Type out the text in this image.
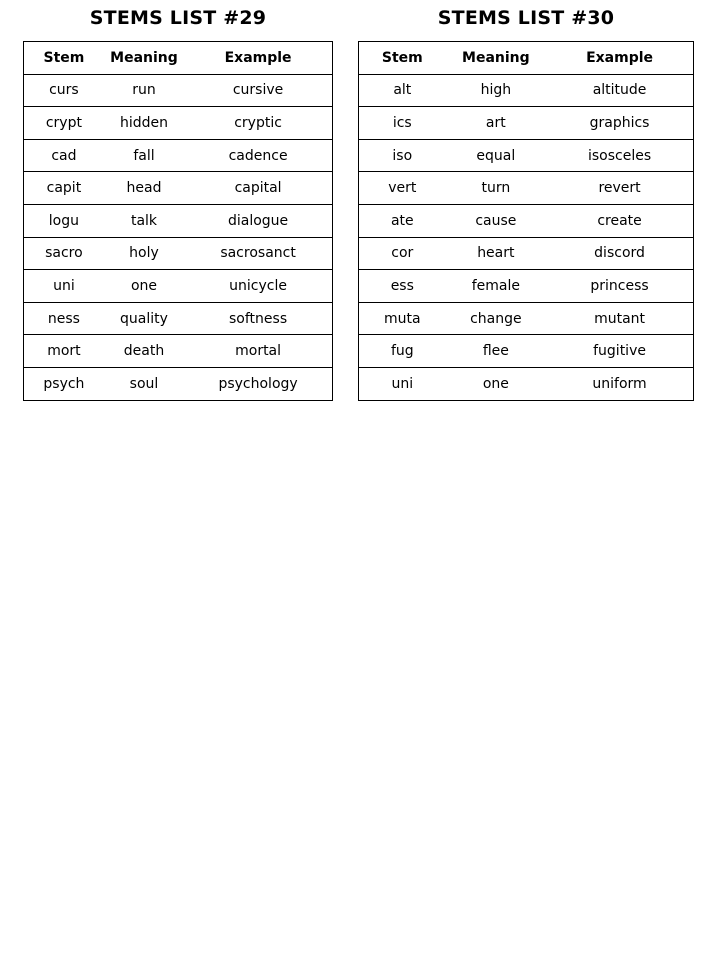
STEMS LIST #29
Stem	Meaning	Example
curs	run	cursive
crypt	hidden	cryptic
cad	fall	cadence
capit	head	capital
logu	talk	dialogue
sacro	holy	sacrosanct
uni	one	unicycle
ness	quality	softness
mort	death	mortal
psych	soul	psychology
STEMS LIST #30
Stem	Meaning	Example
alt	high	altitude
ics	art	graphics
iso	equal	isosceles
vert	turn	revert
ate	cause	create
cor	heart	discord
ess	female	princess
muta	change	mutant
fug	flee	fugitive
uni	one	uniform
